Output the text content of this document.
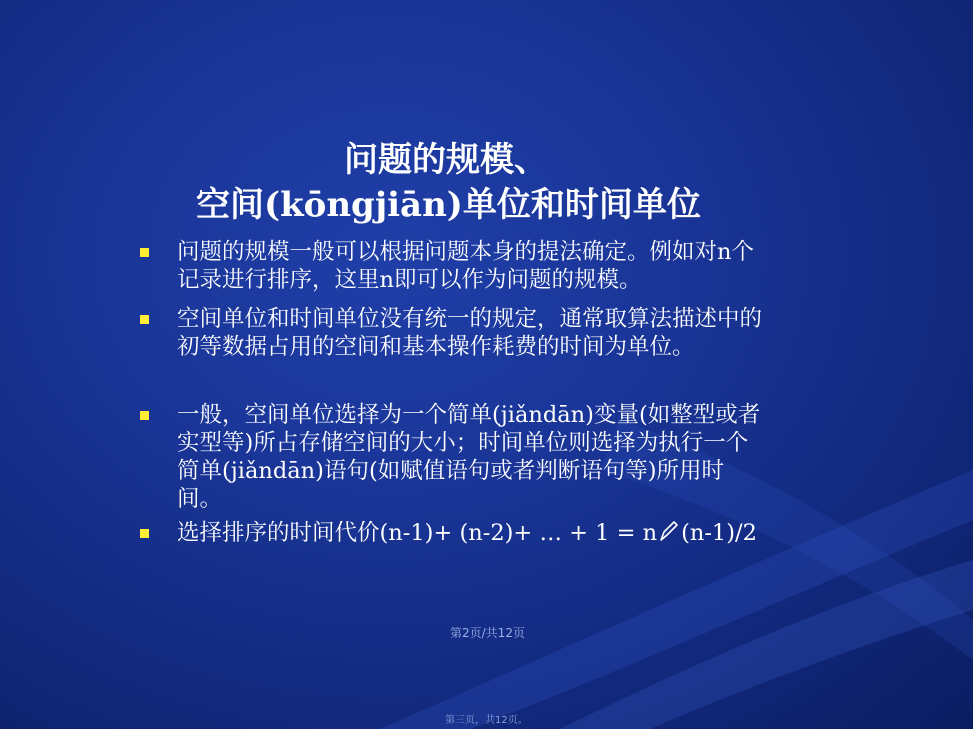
问题的规模、
空间(kōngjiān)单位和时间单位
问题的规模一般可以根据问题本身的提法确定。例如对n个
记录进行排序，这里n即可以作为问题的规模。
空间单位和时间单位没有统一的规定，通常取算法描述中的
初等数据占用的空间和基本操作耗费的时间为单位。
一般，空间单位选择为一个简单(jiǎndān)变量(如整型或者
实型等)所占存储空间的大小；时间单位则选择为执行一个
简单(jiǎndān)语句(如赋值语句或者判断语句等)所用时
间。
选择排序的时间代价(n-1)+ (n-2)+ … + 1 = n (n-1)/2
第2页/共12页
第三页，共12页。
